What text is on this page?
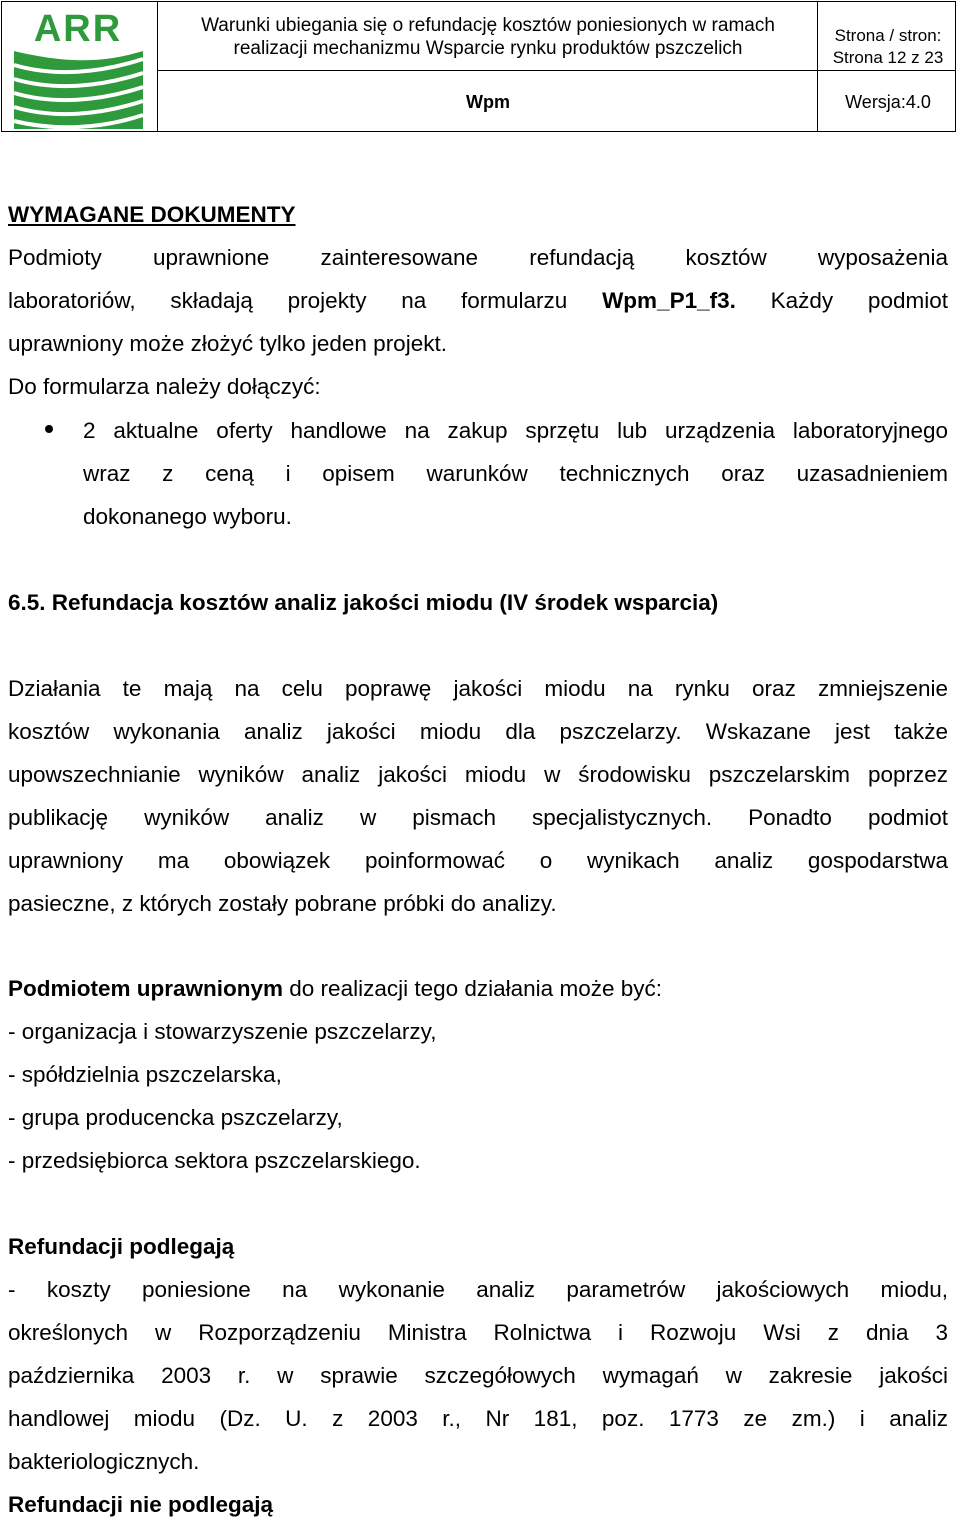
ARR	Warunki ubiegania się o refundację kosztów poniesionych w ramach
realizacji mechanizmu Wsparcie rynku produktów pszczelich
Strona / stron:
Strona 12 z 23
Wpm	Wersja:4.0
WYMAGANE DOKUMENTY
Podmioty uprawnione zainteresowane refundacją kosztów wyposażenia
laboratoriów, składają projekty na formularzu Wpm_P1_f3. Każdy podmiot
uprawniony może złożyć tylko jeden projekt.
Do formularza należy dołączyć:
2 aktualne oferty handlowe na zakup sprzętu lub urządzenia laboratoryjnego
wraz z ceną i opisem warunków technicznych oraz uzasadnieniem
dokonanego wyboru.
6.5. Refundacja kosztów analiz jakości miodu (IV środek wsparcia)
Działania te mają na celu poprawę jakości miodu na rynku oraz zmniejszenie
kosztów wykonania analiz jakości miodu dla pszczelarzy. Wskazane jest także
upowszechnianie wyników analiz jakości miodu w środowisku pszczelarskim poprzez
publikację wyników analiz w pismach specjalistycznych. Ponadto podmiot
uprawniony ma obowiązek poinformować o wynikach analiz gospodarstwa
pasieczne, z których zostały pobrane próbki do analizy.
Podmiotem uprawnionym do realizacji tego działania może być:
- organizacja i stowarzyszenie pszczelarzy,
- spółdzielnia pszczelarska,
- grupa producencka pszczelarzy,
- przedsiębiorca sektora pszczelarskiego.
Refundacji podlegają
- koszty poniesione na wykonanie analiz parametrów jakościowych miodu,
określonych w Rozporządzeniu Ministra Rolnictwa i Rozwoju Wsi z dnia 3
października 2003 r. w sprawie szczegółowych wymagań w zakresie jakości
handlowej miodu (Dz. U. z 2003 r., Nr 181, poz. 1773 ze zm.) i analiz
bakteriologicznych.
Refundacji nie podlegają
